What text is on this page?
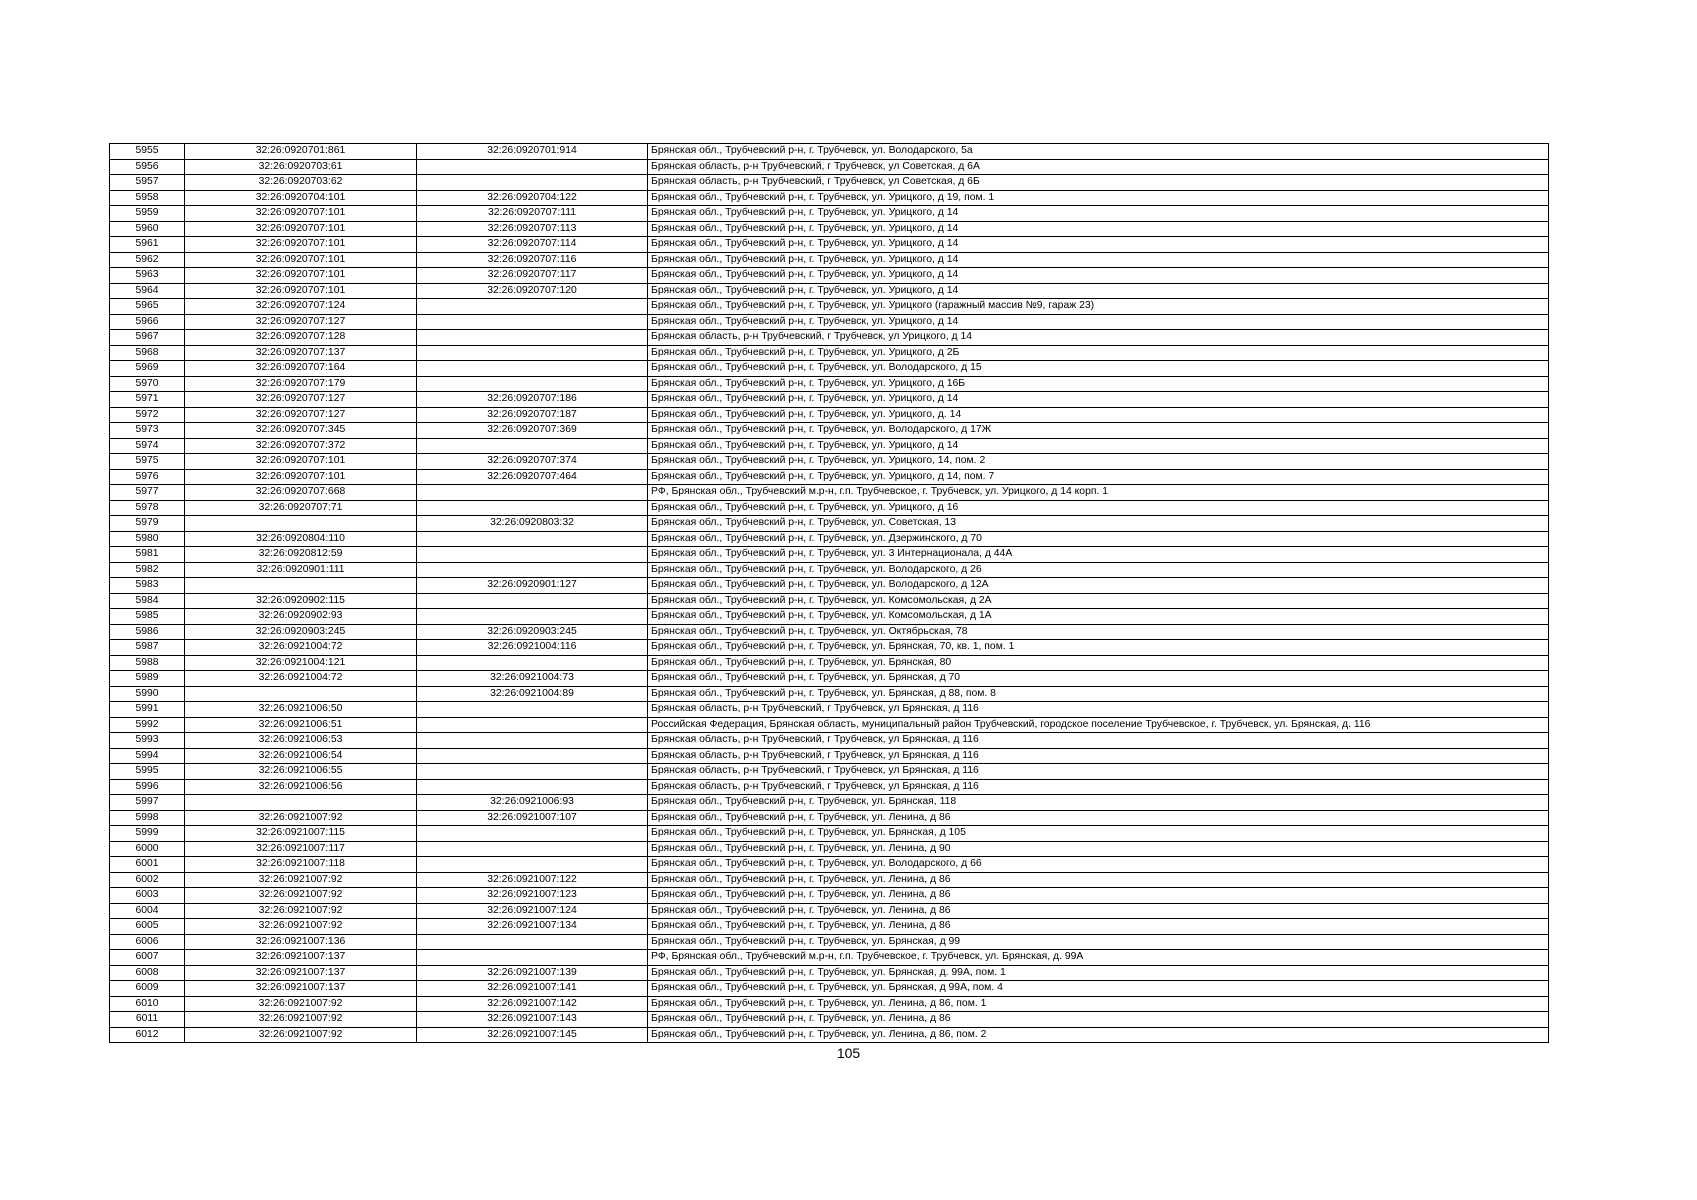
5955	32:26:0920701:861	32:26:0920701:914	Брянская обл., Трубчевский р-н, г. Трубчевск, ул. Володарского, 5а
5956	32:26:0920703:61		Брянская область, р-н Трубчевский, г Трубчевск, ул Советская, д 6А
5957	32:26:0920703:62		Брянская область, р-н Трубчевский, г Трубчевск, ул Советская, д 6Б
5958	32:26:0920704:101	32:26:0920704:122	Брянская обл., Трубчевский р-н, г. Трубчевск, ул. Урицкого, д 19, пом. 1
5959	32:26:0920707:101	32:26:0920707:111	Брянская обл., Трубчевский р-н, г. Трубчевск, ул. Урицкого, д 14
5960	32:26:0920707:101	32:26:0920707:113	Брянская обл., Трубчевский р-н, г. Трубчевск, ул. Урицкого, д 14
5961	32:26:0920707:101	32:26:0920707:114	Брянская обл., Трубчевский р-н, г. Трубчевск, ул. Урицкого, д 14
5962	32:26:0920707:101	32:26:0920707:116	Брянская обл., Трубчевский р-н, г. Трубчевск, ул. Урицкого, д 14
5963	32:26:0920707:101	32:26:0920707:117	Брянская обл., Трубчевский р-н, г. Трубчевск, ул. Урицкого, д 14
5964	32:26:0920707:101	32:26:0920707:120	Брянская обл., Трубчевский р-н, г. Трубчевск, ул. Урицкого, д 14
5965	32:26:0920707:124		Брянская обл., Трубчевский р-н, г. Трубчевск, ул. Урицкого (гаражный массив №9, гараж 23)
5966	32:26:0920707:127		Брянская обл., Трубчевский р-н, г. Трубчевск, ул. Урицкого, д 14
5967	32:26:0920707:128		Брянская область, р-н Трубчевский, г Трубчевск, ул Урицкого, д 14
5968	32:26:0920707:137		Брянская обл., Трубчевский р-н, г. Трубчевск, ул. Урицкого, д 2Б
5969	32:26:0920707:164		Брянская обл., Трубчевский р-н, г. Трубчевск, ул. Володарского, д 15
5970	32:26:0920707:179		Брянская обл., Трубчевский р-н, г. Трубчевск, ул. Урицкого, д 16Б
5971	32:26:0920707:127	32:26:0920707:186	Брянская обл., Трубчевский р-н, г. Трубчевск, ул. Урицкого, д 14
5972	32:26:0920707:127	32:26:0920707:187	Брянская обл., Трубчевский р-н, г. Трубчевск, ул. Урицкого, д. 14
5973	32:26:0920707:345	32:26:0920707:369	Брянская обл., Трубчевский р-н, г. Трубчевск, ул. Володарского, д 17Ж
5974	32:26:0920707:372		Брянская обл., Трубчевский р-н, г. Трубчевск, ул. Урицкого, д 14
5975	32:26:0920707:101	32:26:0920707:374	Брянская обл., Трубчевский р-н, г. Трубчевск, ул. Урицкого, 14, пом. 2
5976	32:26:0920707:101	32:26:0920707:464	Брянская обл., Трубчевский р-н, г. Трубчевск, ул. Урицкого, д 14, пом. 7
5977	32:26:0920707:668		РФ, Брянская обл., Трубчевский м.р-н, г.п. Трубчевское, г. Трубчевск, ул. Урицкого, д 14 корп. 1
5978	32:26:0920707:71		Брянская обл., Трубчевский р-н, г. Трубчевск, ул. Урицкого, д 16
5979		32:26:0920803:32	Брянская обл., Трубчевский р-н, г. Трубчевск, ул. Советская, 13
5980	32:26:0920804:110		Брянская обл., Трубчевский р-н, г. Трубчевск, ул. Дзержинского, д 70
5981	32:26:0920812:59		Брянская обл., Трубчевский р-н, г. Трубчевск, ул. 3 Интернационала, д 44А
5982	32:26:0920901:111		Брянская обл., Трубчевский р-н, г. Трубчевск, ул. Володарского, д 26
5983		32:26:0920901:127	Брянская обл., Трубчевский р-н, г. Трубчевск, ул. Володарского, д 12А
5984	32:26:0920902:115		Брянская обл., Трубчевский р-н, г. Трубчевск, ул. Комсомольская, д 2А
5985	32:26:0920902:93		Брянская обл., Трубчевский р-н, г. Трубчевск, ул. Комсомольская, д 1А
5986	32:26:0920903:245	32:26:0920903:245	Брянская обл., Трубчевский р-н, г. Трубчевск, ул. Октябрьская, 78
5987	32:26:0921004:72	32:26:0921004:116	Брянская обл., Трубчевский р-н, г. Трубчевск, ул. Брянская, 70, кв. 1, пом. 1
5988	32:26:0921004:121		Брянская обл., Трубчевский р-н, г. Трубчевск, ул. Брянская, 80
5989	32:26:0921004:72	32:26:0921004:73	Брянская обл., Трубчевский р-н, г. Трубчевск, ул. Брянская, д 70
5990		32:26:0921004:89	Брянская обл., Трубчевский р-н, г. Трубчевск, ул. Брянская, д 88, пом. 8
5991	32:26:0921006:50		Брянская область, р-н Трубчевский, г Трубчевск, ул Брянская, д 116
5992	32:26:0921006:51		Российская Федерация, Брянская область, муниципальный район Трубчевский, городское поселение Трубчевское, г. Трубчевск, ул. Брянская, д. 116
5993	32:26:0921006:53		Брянская область, р-н Трубчевский, г Трубчевск, ул Брянская, д 116
5994	32:26:0921006:54		Брянская область, р-н Трубчевский, г Трубчевск, ул Брянская, д 116
5995	32:26:0921006:55		Брянская область, р-н Трубчевский, г Трубчевск, ул Брянская, д 116
5996	32:26:0921006:56		Брянская область, р-н Трубчевский, г Трубчевск, ул Брянская, д 116
5997		32:26:0921006:93	Брянская обл., Трубчевский р-н, г. Трубчевск, ул. Брянская, 118
5998	32:26:0921007:92	32:26:0921007:107	Брянская обл., Трубчевский р-н, г. Трубчевск, ул. Ленина, д 86
5999	32:26:0921007:115		Брянская обл., Трубчевский р-н, г. Трубчевск, ул. Брянская, д 105
6000	32:26:0921007:117		Брянская обл., Трубчевский р-н, г. Трубчевск, ул. Ленина, д 90
6001	32:26:0921007:118		Брянская обл., Трубчевский р-н, г. Трубчевск, ул. Володарского, д 66
6002	32:26:0921007:92	32:26:0921007:122	Брянская обл., Трубчевский р-н, г. Трубчевск, ул. Ленина, д 86
6003	32:26:0921007:92	32:26:0921007:123	Брянская обл., Трубчевский р-н, г. Трубчевск, ул. Ленина, д 86
6004	32:26:0921007:92	32:26:0921007:124	Брянская обл., Трубчевский р-н, г. Трубчевск, ул. Ленина, д 86
6005	32:26:0921007:92	32:26:0921007:134	Брянская обл., Трубчевский р-н, г. Трубчевск, ул. Ленина, д 86
6006	32:26:0921007:136		Брянская обл., Трубчевский р-н, г. Трубчевск, ул. Брянская, д 99
6007	32:26:0921007:137		РФ, Брянская обл., Трубчевский м.р-н, г.п. Трубчевское, г. Трубчевск, ул. Брянская, д. 99А
6008	32:26:0921007:137	32:26:0921007:139	Брянская обл., Трубчевский р-н, г. Трубчевск, ул. Брянская, д. 99А, пом. 1
6009	32:26:0921007:137	32:26:0921007:141	Брянская обл., Трубчевский р-н, г. Трубчевск, ул. Брянская, д 99А, пом. 4
6010	32:26:0921007:92	32:26:0921007:142	Брянская обл., Трубчевский р-н, г. Трубчевск, ул. Ленина, д 86, пом. 1
6011	32:26:0921007:92	32:26:0921007:143	Брянская обл., Трубчевский р-н, г. Трубчевск, ул. Ленина, д 86
6012	32:26:0921007:92	32:26:0921007:145	Брянская обл., Трубчевский р-н, г. Трубчевск, ул. Ленина, д 86, пом. 2
105
